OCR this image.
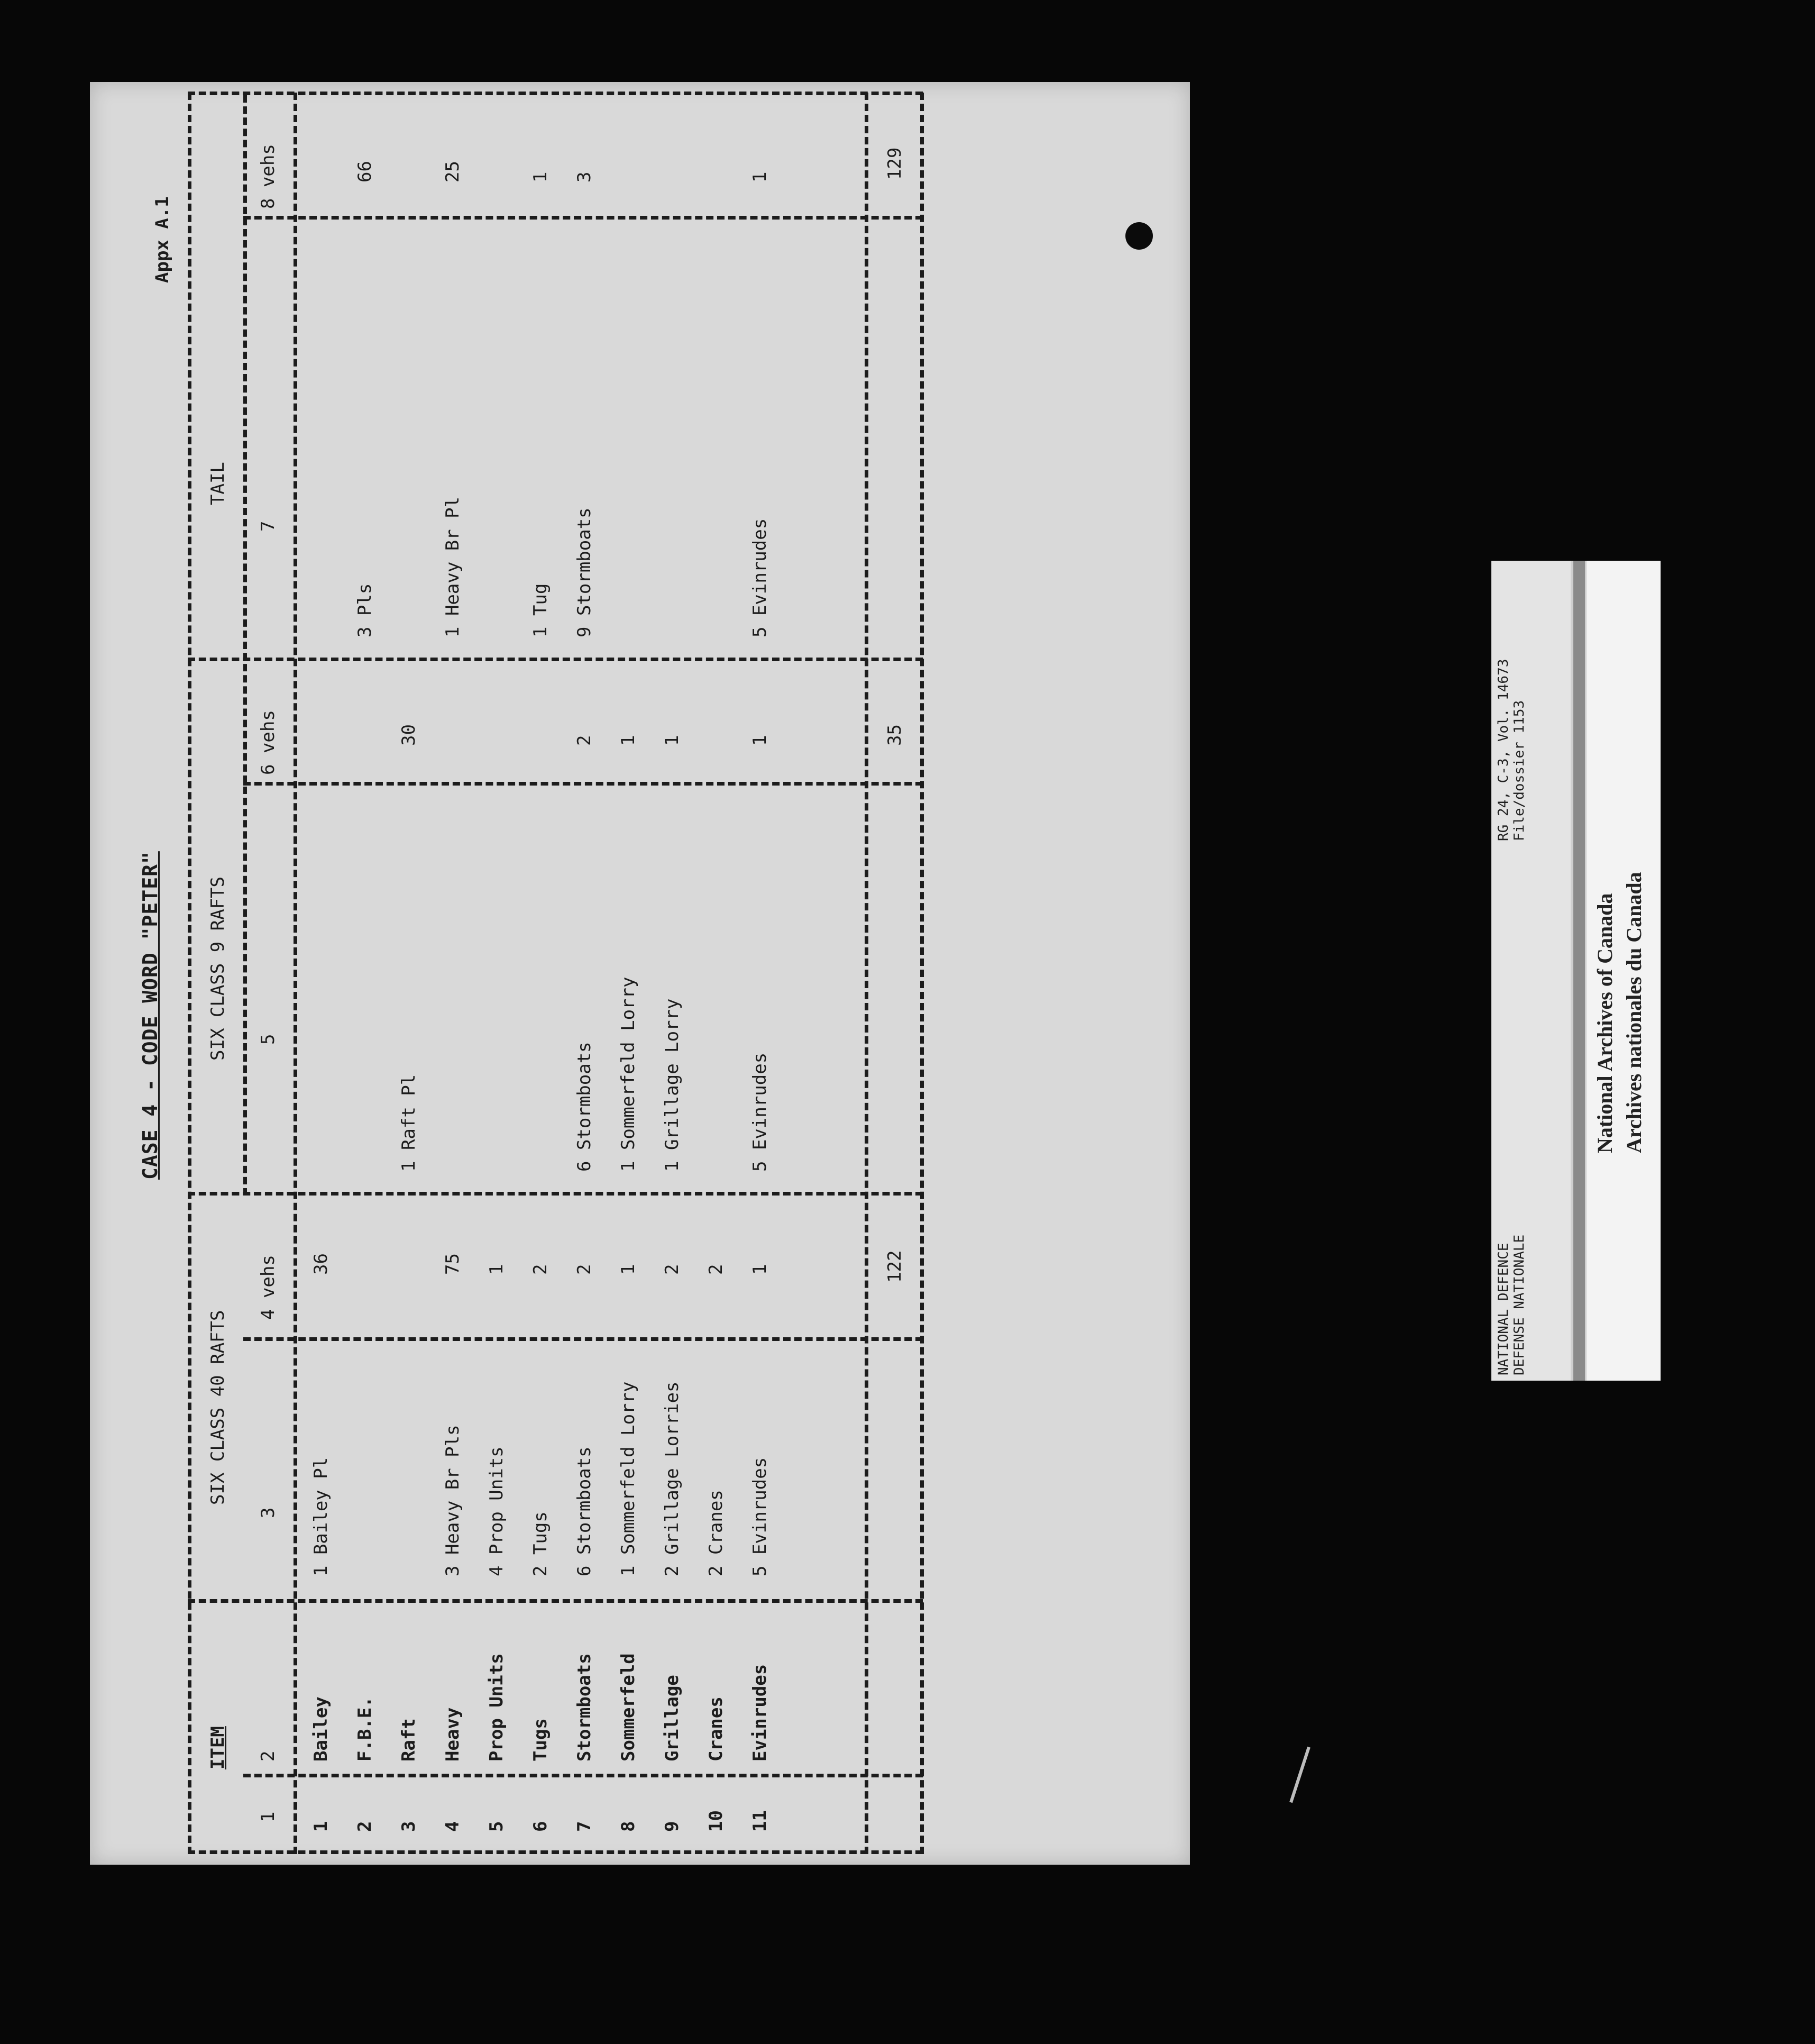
Appx A.1
CASE 4 - CODE WORD "PETER"
ITEM
SIX CLASS 40 RAFTS
SIX CLASS 9 RAFTS
TAIL
1
2
3
4 vehs
5
6 vehs
7
8 vehs
1
Bailey
1 Bailey Pl
36
2
F.B.E.
3 Pls
66
3
Raft
1 Raft Pl
30
4
Heavy
3 Heavy Br Pls
75
1 Heavy Br Pl
25
5
Prop Units
4 Prop Units
1
6
Tugs
2 Tugs
2
1 Tug
1
7
Stormboats
6 Stormboats
2
6 Stormboats
2
9 Stormboats
3
8
Sommerfeld
1 Sommerfeld Lorry
1
1 Sommerfeld Lorry
1
9
Grillage
2 Grillage Lorries
2
1 Grillage Lorry
1
10
Cranes
2 Cranes
2
11
Evinrudes
5 Evinrudes
1
5 Evinrudes
1
5 Evinrudes
1
122
35
129
NATIONAL DEFENCE DEFENSE NATIONALE
RG 24, C-3, Vol. 14673 File/dossier 1153
National Archives of Canada Archives nationales du Canada
